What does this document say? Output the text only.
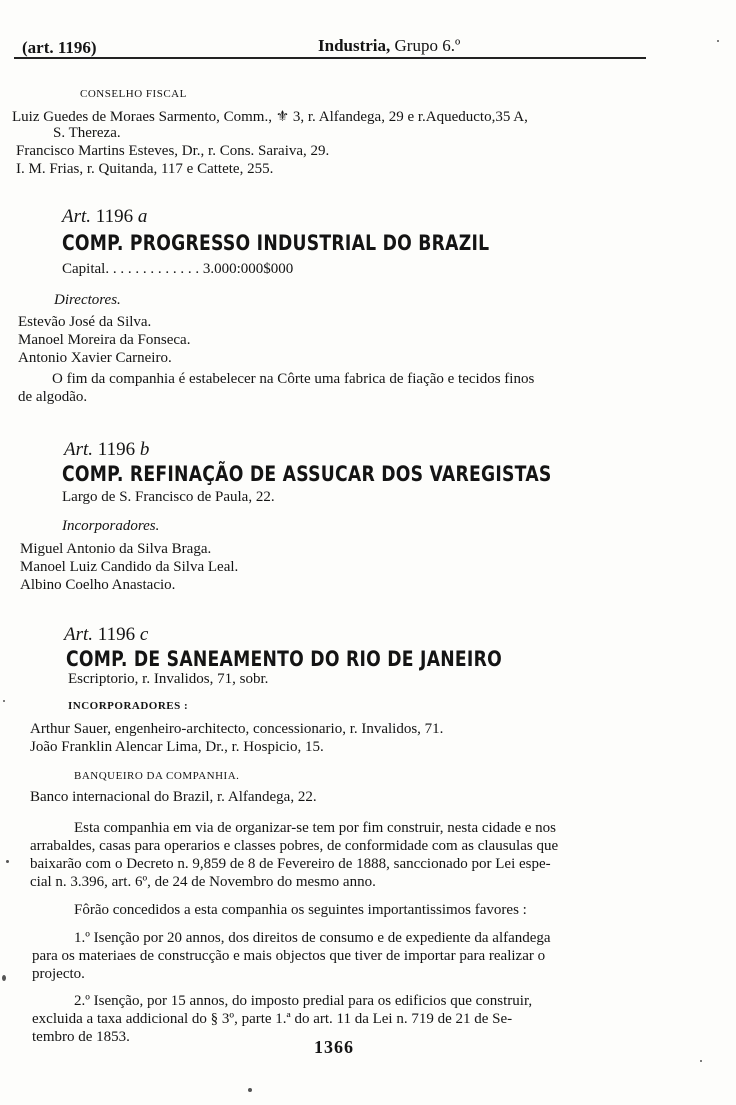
(art. 1196)	Industria, Grupo 6.º
CONSELHO FISCAL
Luiz Guedes de Moraes Sarmento, Comm., ⚜ 3, r. Alfandega, 29 e r.Aqueducto,35 A,
S. Thereza.
Francisco Martins Esteves, Dr., r. Cons. Saraiva, 29.
I. M. Frias, r. Quitanda, 117 e Cattete, 255.
Art. 1196 a
COMP. PROGRESSO INDUSTRIAL DO BRAZIL
Capital. . . . . . . . . . . . . 3.000:000$000
Directores.
Estevão José da Silva.
Manoel Moreira da Fonseca.
Antonio Xavier Carneiro.
O fim da companhia é estabelecer na Côrte uma fabrica de fiação e tecidos finos
de algodão.
Art. 1196 b
COMP. REFINAÇÃO DE ASSUCAR DOS VAREGISTAS
Largo de S. Francisco de Paula, 22.
Incorporadores.
Miguel Antonio da Silva Braga.
Manoel Luiz Candido da Silva Leal.
Albino Coelho Anastacio.
Art. 1196 c
COMP. DE SANEAMENTO DO RIO DE JANEIRO
Escriptorio, r. Invalidos, 71, sobr.
INCORPORADORES :
Arthur Sauer, engenheiro-architecto, concessionario, r. Invalidos, 71.
João Franklin Alencar Lima, Dr., r. Hospicio, 15.
BANQUEIRO DA COMPANHIA.
Banco internacional do Brazil, r. Alfandega, 22.
Esta companhia em via de organizar-se tem por fim construir, nesta cidade e nos
arrabaldes, casas para operarios e classes pobres, de conformidade com as clausulas que
baixarão com o Decreto n. 9,859 de 8 de Fevereiro de 1888, sanccionado por Lei espe-
cial n. 3.396, art. 6º, de 24 de Novembro do mesmo anno.
Fôrão concedidos a esta companhia os seguintes importantissimos favores :
1.º Isenção por 20 annos, dos direitos de consumo e de expediente da alfandega
para os materiaes de construcção e mais objectos que tiver de importar para realizar o
projecto.
2.º Isenção, por 15 annos, do imposto predial para os edificios que construir,
excluida a taxa addicional do § 3º, parte 1.ª do art. 11 da Lei n. 719 de 21 de Se-
tembro de 1853.	1366
